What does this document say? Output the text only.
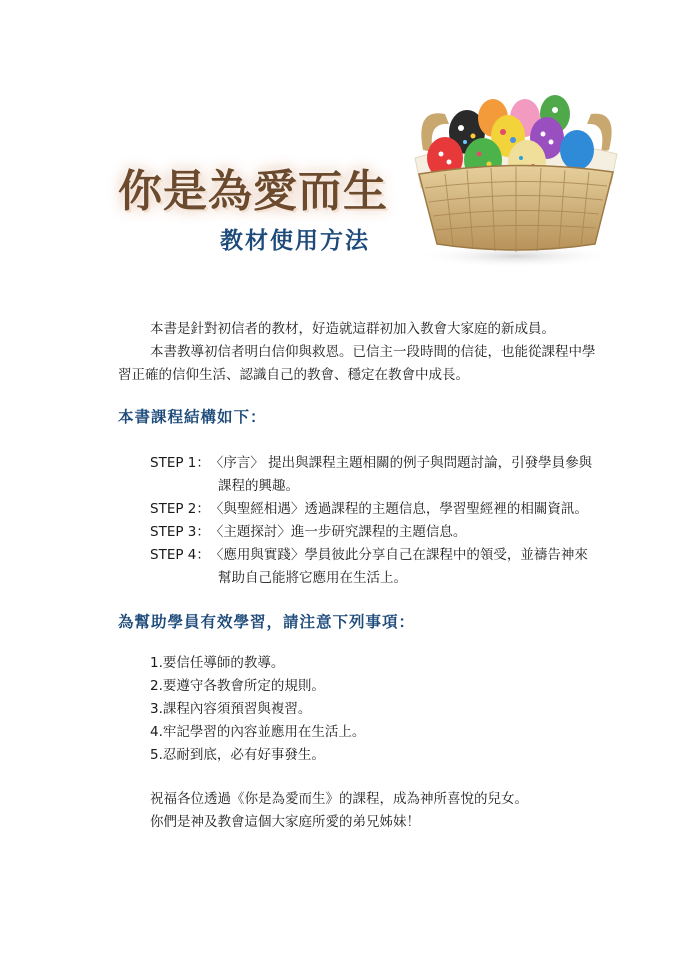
你是為愛而生
教材使用方法

本書是針對初信者的教材，好造就這群初加入教會大家庭的新成員。

本書教導初信者明白信仰與救恩。已信主一段時間的信徒，也能從課程中學習正確的信仰生活、認識自己的教會、穩定在教會中成長。

本書課程結構如下：
STEP 1： 〈序言〉 提出與課程主題相關的例子與問題討論，引發學員參與
課程的興趣。
STEP 2： 〈與聖經相遇〉透過課程的主題信息，學習聖經裡的相關資訊。
STEP 3： 〈主題探討〉進一步研究課程的主題信息。
STEP 4： 〈應用與實踐〉學員彼此分享自己在課程中的領受，並禱告神來
幫助自己能將它應用在生活上。
為幫助學員有效學習，請注意下列事項：
1.要信任導師的教導。
2.要遵守各教會所定的規則。
3.課程內容須預習與複習。
4.牢記學習的內容並應用在生活上。
5.忍耐到底，必有好事發生。

祝福各位透過《你是為愛而生》的課程，成為神所喜悅的兒女。

你們是神及教會這個大家庭所愛的弟兄姊妹！
